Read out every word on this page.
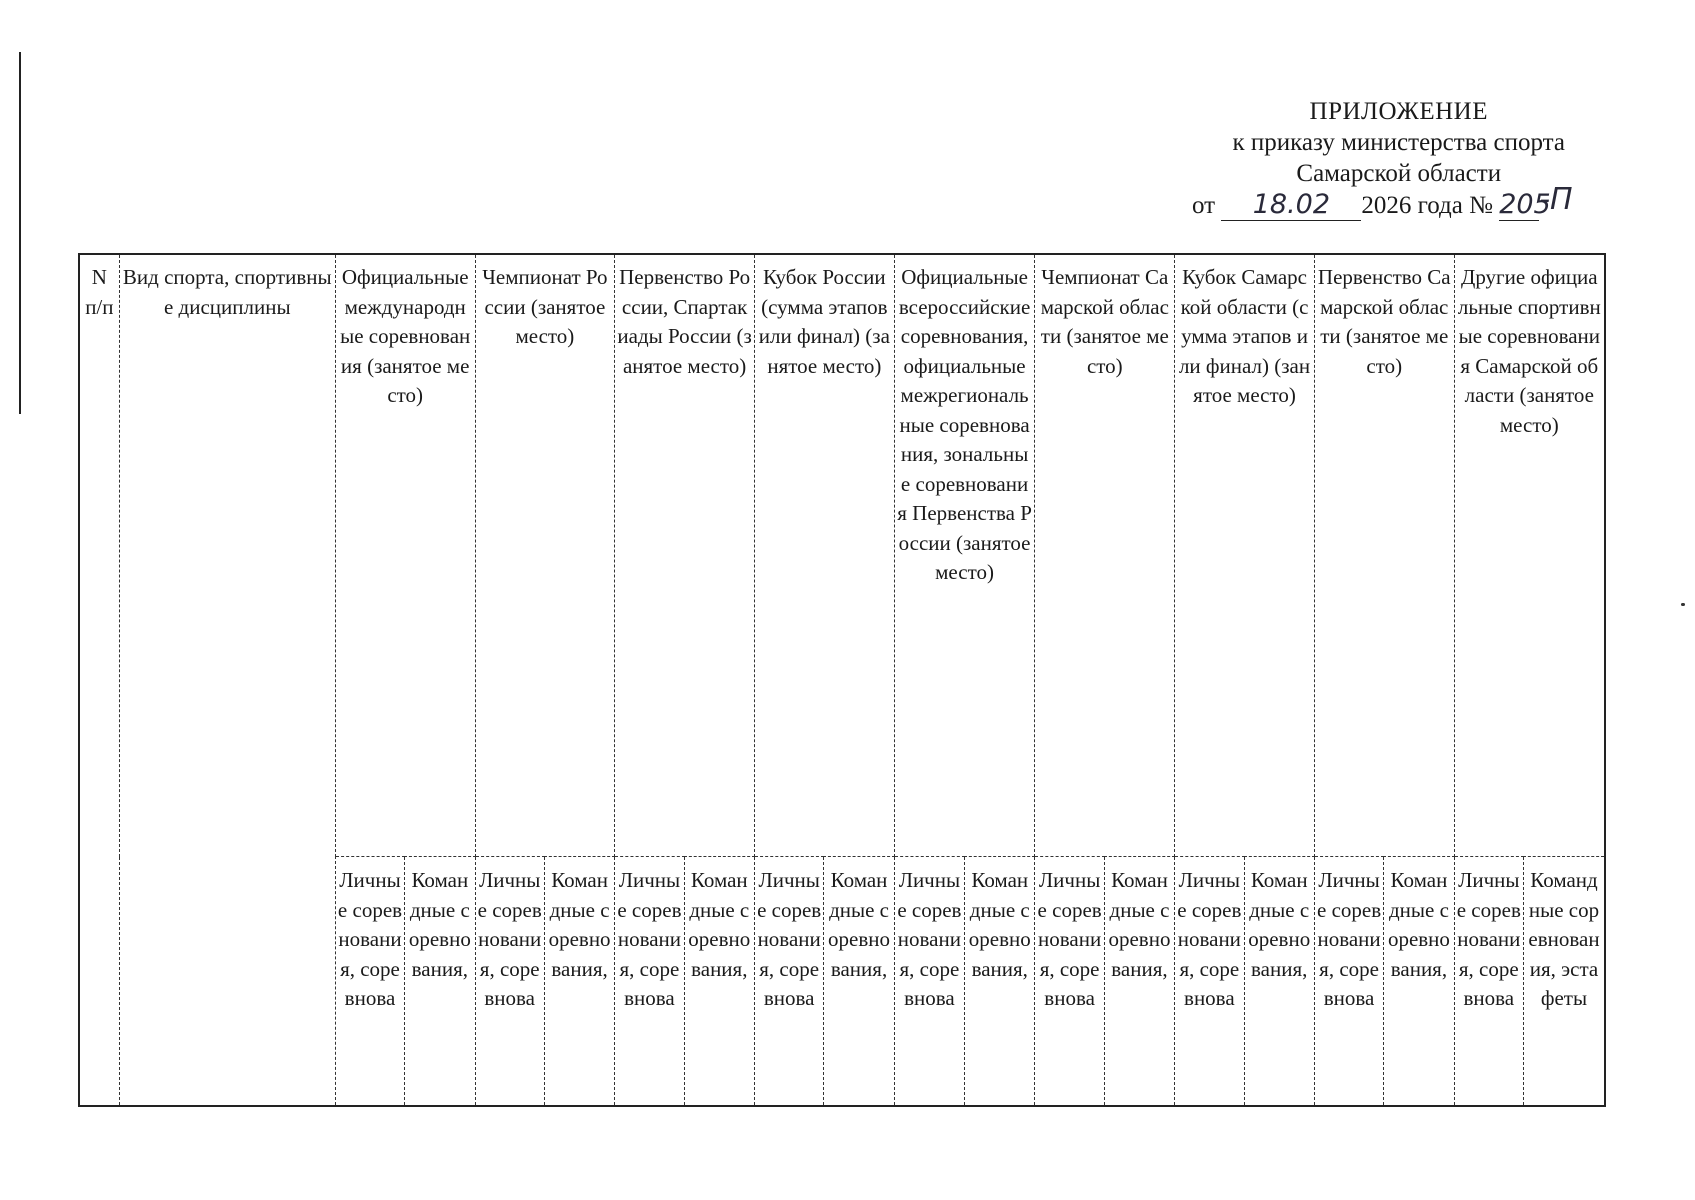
ПРИЛОЖЕНИЕ
к приказу министерства спорта
Самарской области
от 18.02 2026 года № 205-П
N п/п	Вид спорта, спортивные дисциплины	Официальные международные соревнования (занятое место)		Чемпионат России (занятое место)		Первенство России, Спартакиады России (занятое место)		Кубок России (сумма этапов или финал) (занятое место)		Официальные всероссийские соревнования, официальные межрегиональные соревнования, зональные соревнования Первенства России (занятое место)		Чемпионат Самарской области (занятое место)		Кубок Самарской области (сумма этапов или финал) (занятое место)		Первенство Самарской области (занятое место)		Другие официальные спортивные соревнования Самарской области (занятое место)	
		Личные соревнования, соревнова	Командные соревнования,	Личные соревнования, соревнова	Командные соревнования,	Личные соревнования, соревнова	Командные соревнования,	Личные соревнования, соревнова	Командные соревнования,	Личные соревнования, соревнова	Командные соревнования,	Личные соревнования, соревнова	Командные соревнования,	Личные соревнования, соревнова	Командные соревнования,	Личные соревнования, соревнова	Командные соревнования,	Личные соревнования, соревнова	Командные соревнования, эстафеты
